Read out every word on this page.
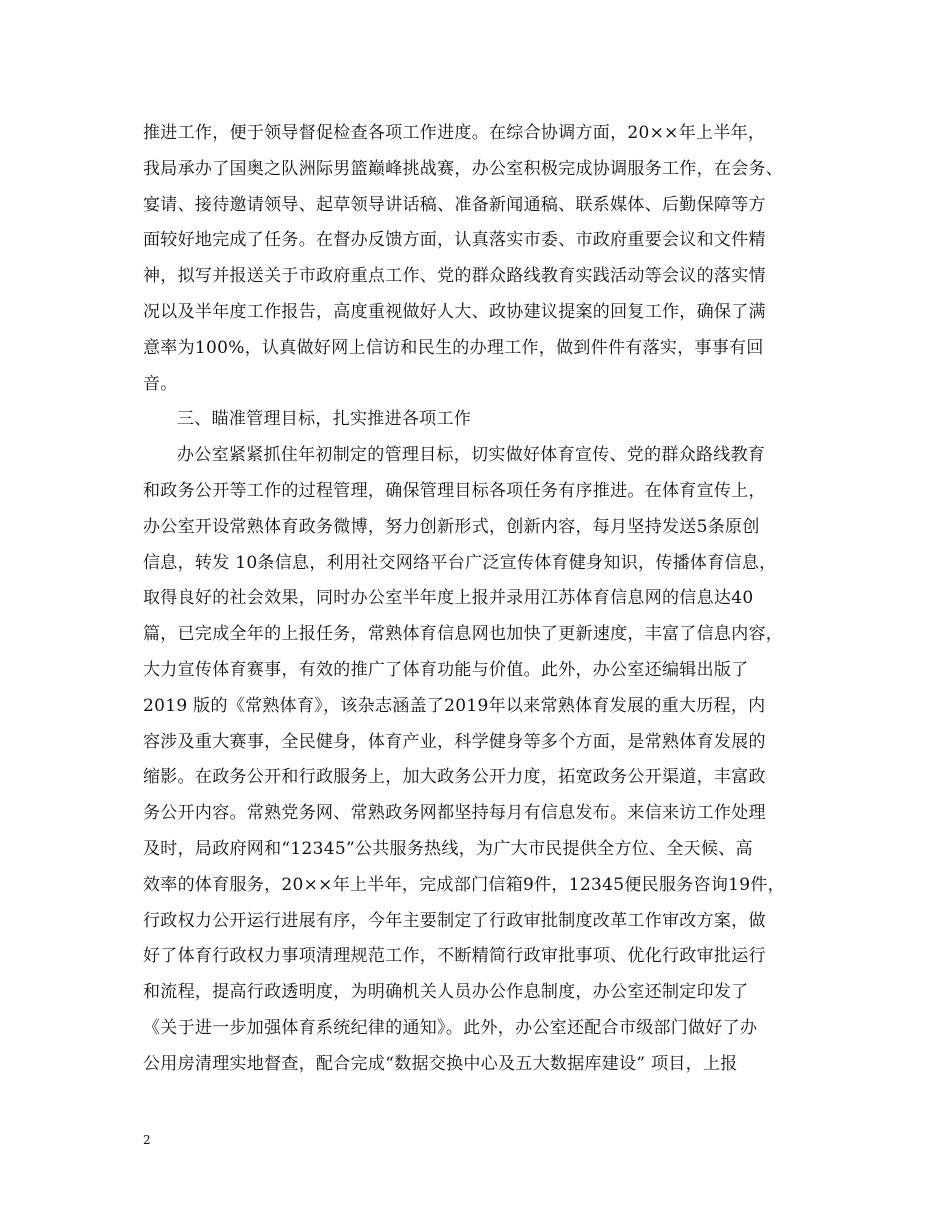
推进工作，便于领导督促检查各项工作进度。在综合协调方面，20××年上半年，
我局承办了国奥之队洲际男篮巅峰挑战赛，办公室积极完成协调服务工作，在会务、
宴请、接待邀请领导、起草领导讲话稿、准备新闻通稿、联系媒体、后勤保障等方
面较好地完成了任务。在督办反馈方面，认真落实市委、市政府重要会议和文件精
神，拟写并报送关于市政府重点工作、党的群众路线教育实践活动等会议的落实情
况以及半年度工作报告，高度重视做好人大、政协建议提案的回复工作，确保了满
意率为100%，认真做好网上信访和民生的办理工作，做到件件有落实，事事有回
音。
三、瞄准管理目标，扎实推进各项工作
办公室紧紧抓住年初制定的管理目标，切实做好体育宣传、党的群众路线教育
和政务公开等工作的过程管理，确保管理目标各项任务有序推进。在体育宣传上，
办公室开设常熟体育政务微博，努力创新形式，创新内容，每月坚持发送5条原创
信息，转发 10条信息，利用社交网络平台广泛宣传体育健身知识，传播体育信息，
取得良好的社会效果，同时办公室半年度上报并录用江苏体育信息网的信息达40
篇，已完成全年的上报任务，常熟体育信息网也加快了更新速度，丰富了信息内容，
大力宣传体育赛事，有效的推广了体育功能与价值。此外，办公室还编辑出版了
2019 版的《常熟体育》，该杂志涵盖了2019年以来常熟体育发展的重大历程，内
容涉及重大赛事，全民健身，体育产业，科学健身等多个方面，是常熟体育发展的
缩影。在政务公开和行政服务上，加大政务公开力度，拓宽政务公开渠道，丰富政
务公开内容。常熟党务网、常熟政务网都坚持每月有信息发布。来信来访工作处理
及时，局政府网和“12345”公共服务热线，为广大市民提供全方位、全天候、高
效率的体育服务，20××年上半年，完成部门信箱9件，12345便民服务咨询19件，
行政权力公开运行进展有序，今年主要制定了行政审批制度改革工作审改方案，做
好了体育行政权力事项清理规范工作，不断精简行政审批事项、优化行政审批运行
和流程，提高行政透明度，为明确机关人员办公作息制度，办公室还制定印发了
《关于进一步加强体育系统纪律的通知》。此外，办公室还配合市级部门做好了办
公用房清理实地督查，配合完成“数据交换中心及五大数据库建设” 项目，上报
2
